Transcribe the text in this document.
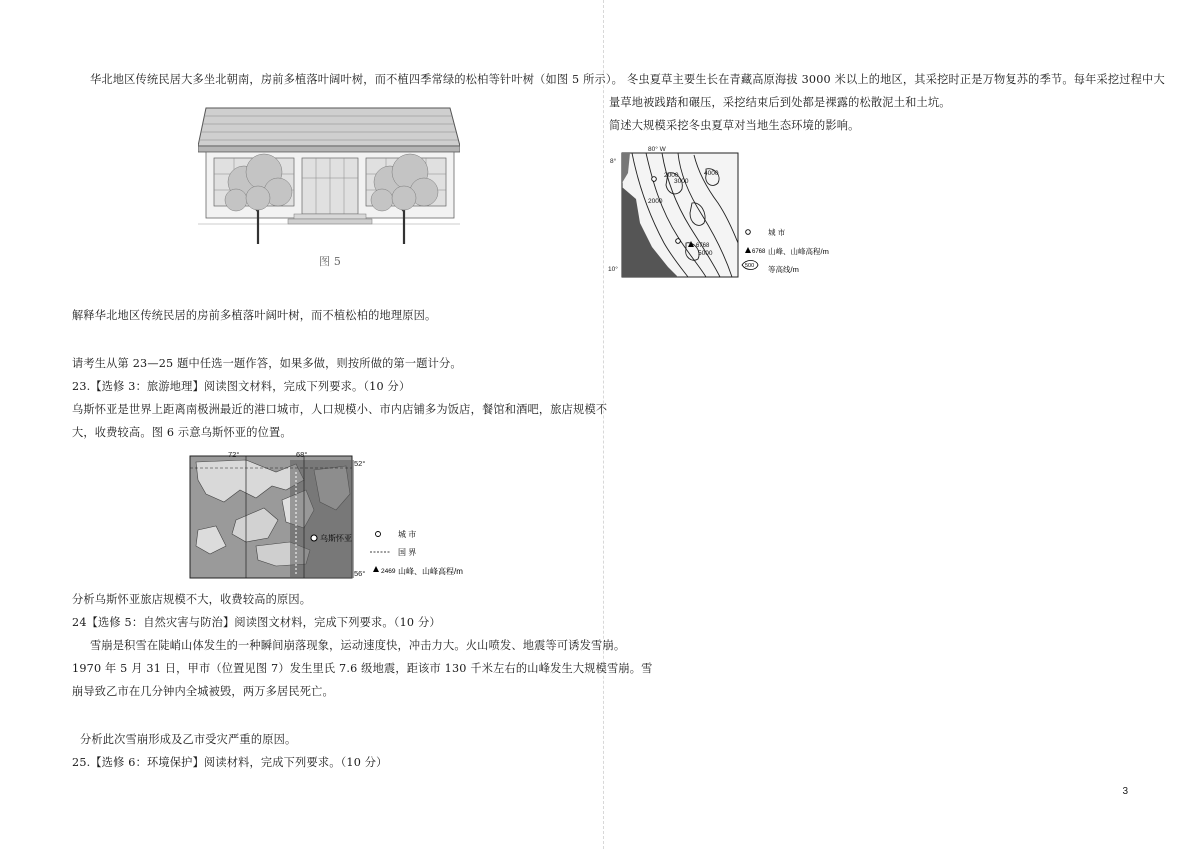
华北地区传统民居大多坐北朝南，房前多植落叶阔叶树，而不植四季常绿的松柏等针叶树（如图 5 所示）。
图 5
解释华北地区传统民居的房前多植落叶阔叶树，而不植松柏的地理原因。
请考生从第 23—25 题中任选一题作答，如果多做，则按所做的第一题计分。
23.【选修 3：旅游地理】阅读图文材料，完成下列要求。（10 分）
乌斯怀亚是世界上距离南极洲最近的港口城市，人口规模小、市内店铺多为饭店，餐馆和酒吧，旅店规模不
大，收费较高。图 6 示意乌斯怀亚的位置。
乌斯怀亚
72°	68°
52°
56°
城 市
国 界
2469 山峰、山峰高程/m
分析乌斯怀亚旅店规模不大，收费较高的原因。
24【选修 5：自然灾害与防治】阅读图文材料，完成下列要求。（10 分）
雪崩是积雪在陡峭山体发生的一种瞬间崩落现象，运动速度快，冲击力大。火山喷发、地震等可诱发雪崩。
1970 年 5 月 31 日，甲市（位置见图 7）发生里氏 7.6 级地震，距该市 130 千米左右的山峰发生大规模雪崩。雪
崩导致乙市在几分钟内全城被毁，两万多居民死亡。
分析此次雪崩形成及乙市受灾严重的原因。
25.【选修 6：环境保护】阅读材料，完成下列要求。（10 分）
冬虫夏草主要生长在青藏高原海拔 3000 米以上的地区，其采挖时正是万物复苏的季节。每年采挖过程中大
量草地被践踏和碾压，采挖结束后到处都是裸露的松散泥土和土坑。
简述大规模采挖冬虫夏草对当地生态环境的影响。
2000
3000
2000
4000
5000
6768
80° W
8°
10°
城 市
6768 山峰、山峰高程/m
500 等高线/m
3
